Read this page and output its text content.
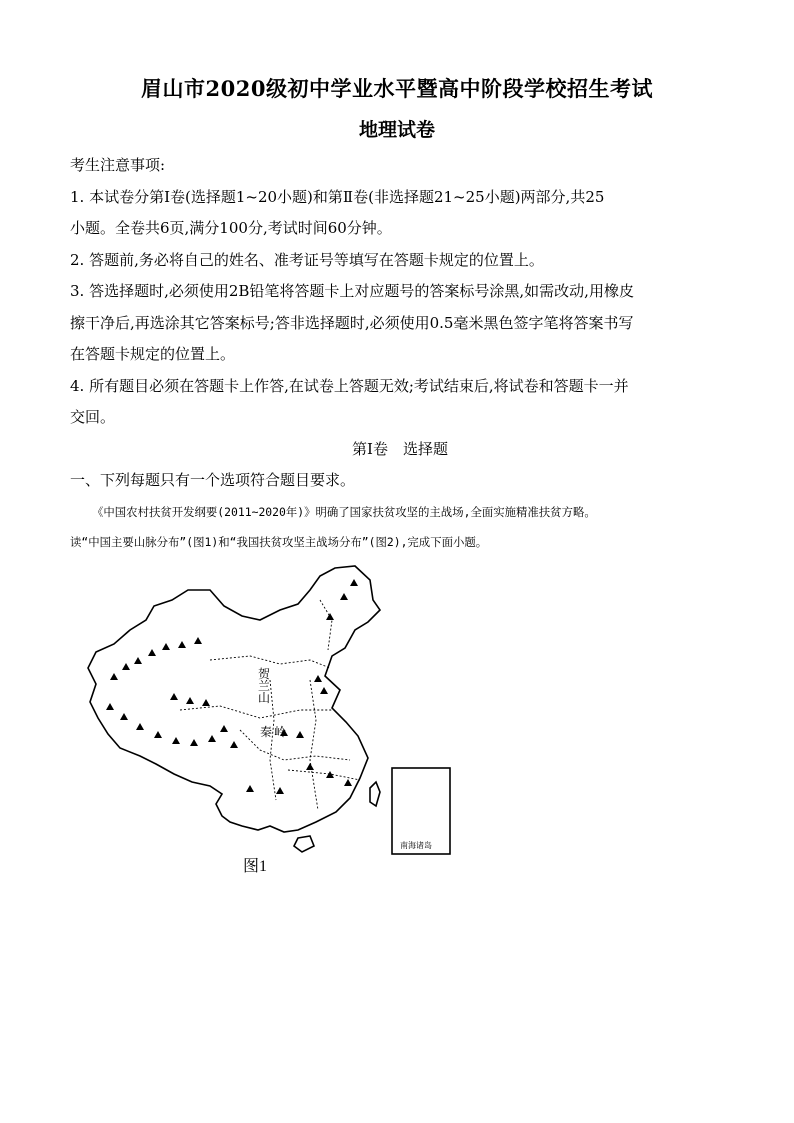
眉山市2020级初中学业水平暨高中阶段学校招生考试
地理试卷

考生注意事项:

1. 本试卷分第Ⅰ卷(选择题1~20小题)和第Ⅱ卷(非选择题21~25小题)两部分,共25

小题。全卷共6页,满分100分,考试时间60分钟。

2. 答题前,务必将自己的姓名、准考证号等填写在答题卡规定的位置上。

3. 答选择题时,必须使用2B铅笔将答题卡上对应题号的答案标号涂黑,如需改动,用橡皮

擦干净后,再选涂其它答案标号;答非选择题时,必须使用0.5毫米黑色签字笔将答案书写

在答题卡规定的位置上。

4. 所有题目必须在答题卡上作答,在试卷上答题无效;考试结束后,将试卷和答题卡一并

交回。

第Ⅰ卷　选择题

一、下列每题只有一个选项符合题目要求。

《中国农村扶贫开发纲要(2011~2020年)》明确了国家扶贫攻坚的主战场,全面实施精准扶贫方略。

读“中国主要山脉分布”(图1)和“我国扶贫攻坚主战场分布”(图2),完成下面小题。

贺
兰
山
秦 岭
南海诸岛
图1
